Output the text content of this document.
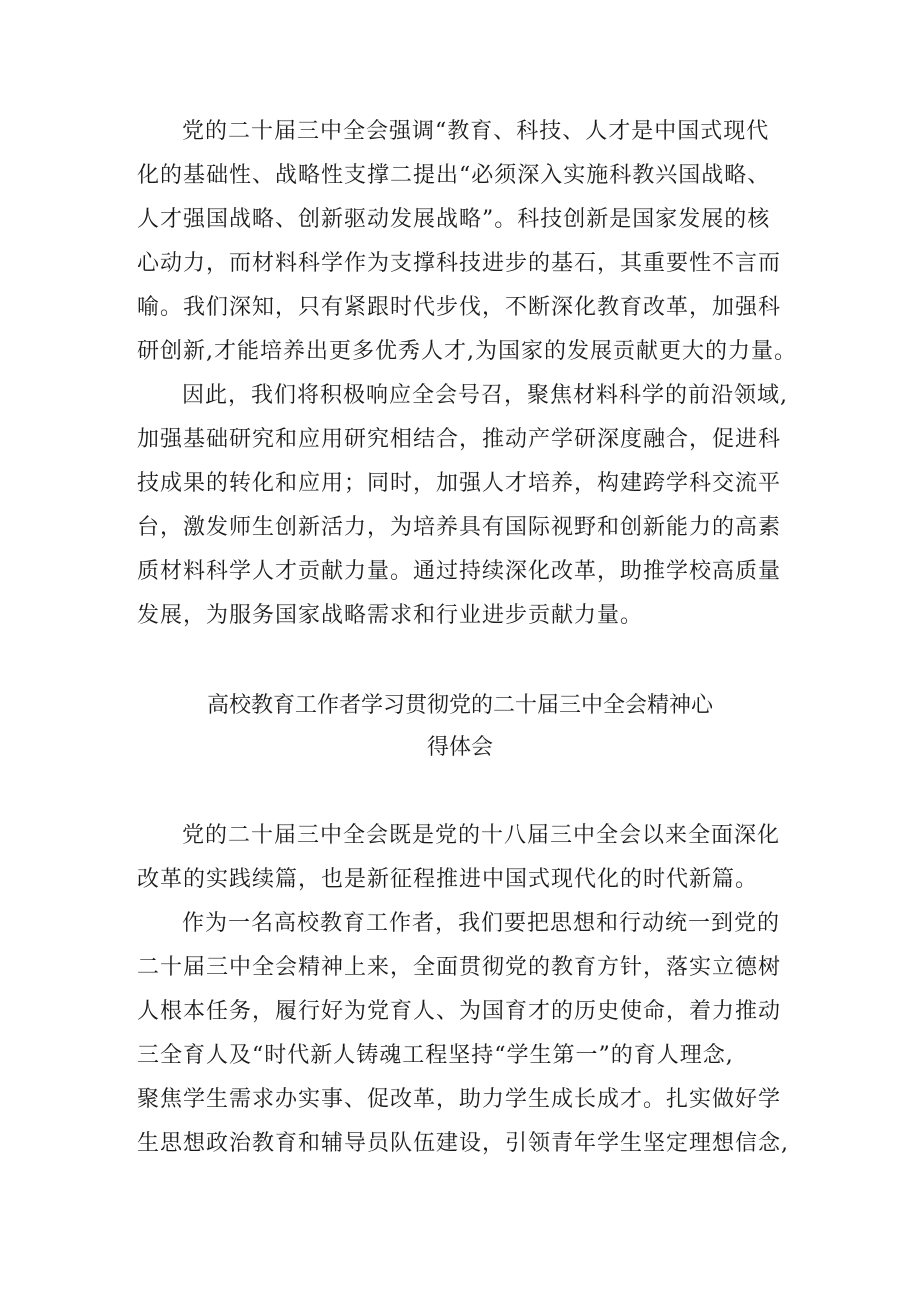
党的二十届三中全会强调“教育、科技、人才是中国式现代
化的基础性、战略性支撑二提出“必须深入实施科教兴国战略、
人才强国战略、创新驱动发展战略”。科技创新是国家发展的核
心动力，而材料科学作为支撑科技进步的基石，其重要性不言而
喻。我们深知，只有紧跟时代步伐，不断深化教育改革，加强科
研创新,才能培养出更多优秀人才,为国家的发展贡献更大的力量。
因此，我们将积极响应全会号召，聚焦材料科学的前沿领域,
加强基础研究和应用研究相结合，推动产学研深度融合，促进科
技成果的转化和应用；同时，加强人才培养，构建跨学科交流平
台，激发师生创新活力，为培养具有国际视野和创新能力的高素
质材料科学人才贡献力量。通过持续深化改革，助推学校高质量
发展，为服务国家战略需求和行业进步贡献力量。
高校教育工作者学习贯彻党的二十届三中全会精神心
得体会
党的二十届三中全会既是党的十八届三中全会以来全面深化
改革的实践续篇，也是新征程推进中国式现代化的时代新篇。
作为一名高校教育工作者，我们要把思想和行动统一到党的
二十届三中全会精神上来，全面贯彻党的教育方针，落实立德树
人根本任务，履行好为党育人、为国育才的历史使命，着力推动
三全育人及“时代新人铸魂工程坚持“学生第一”的育人理念,
聚焦学生需求办实事、促改革，助力学生成长成才。扎实做好学
生思想政治教育和辅导员队伍建设，引领青年学生坚定理想信念,
